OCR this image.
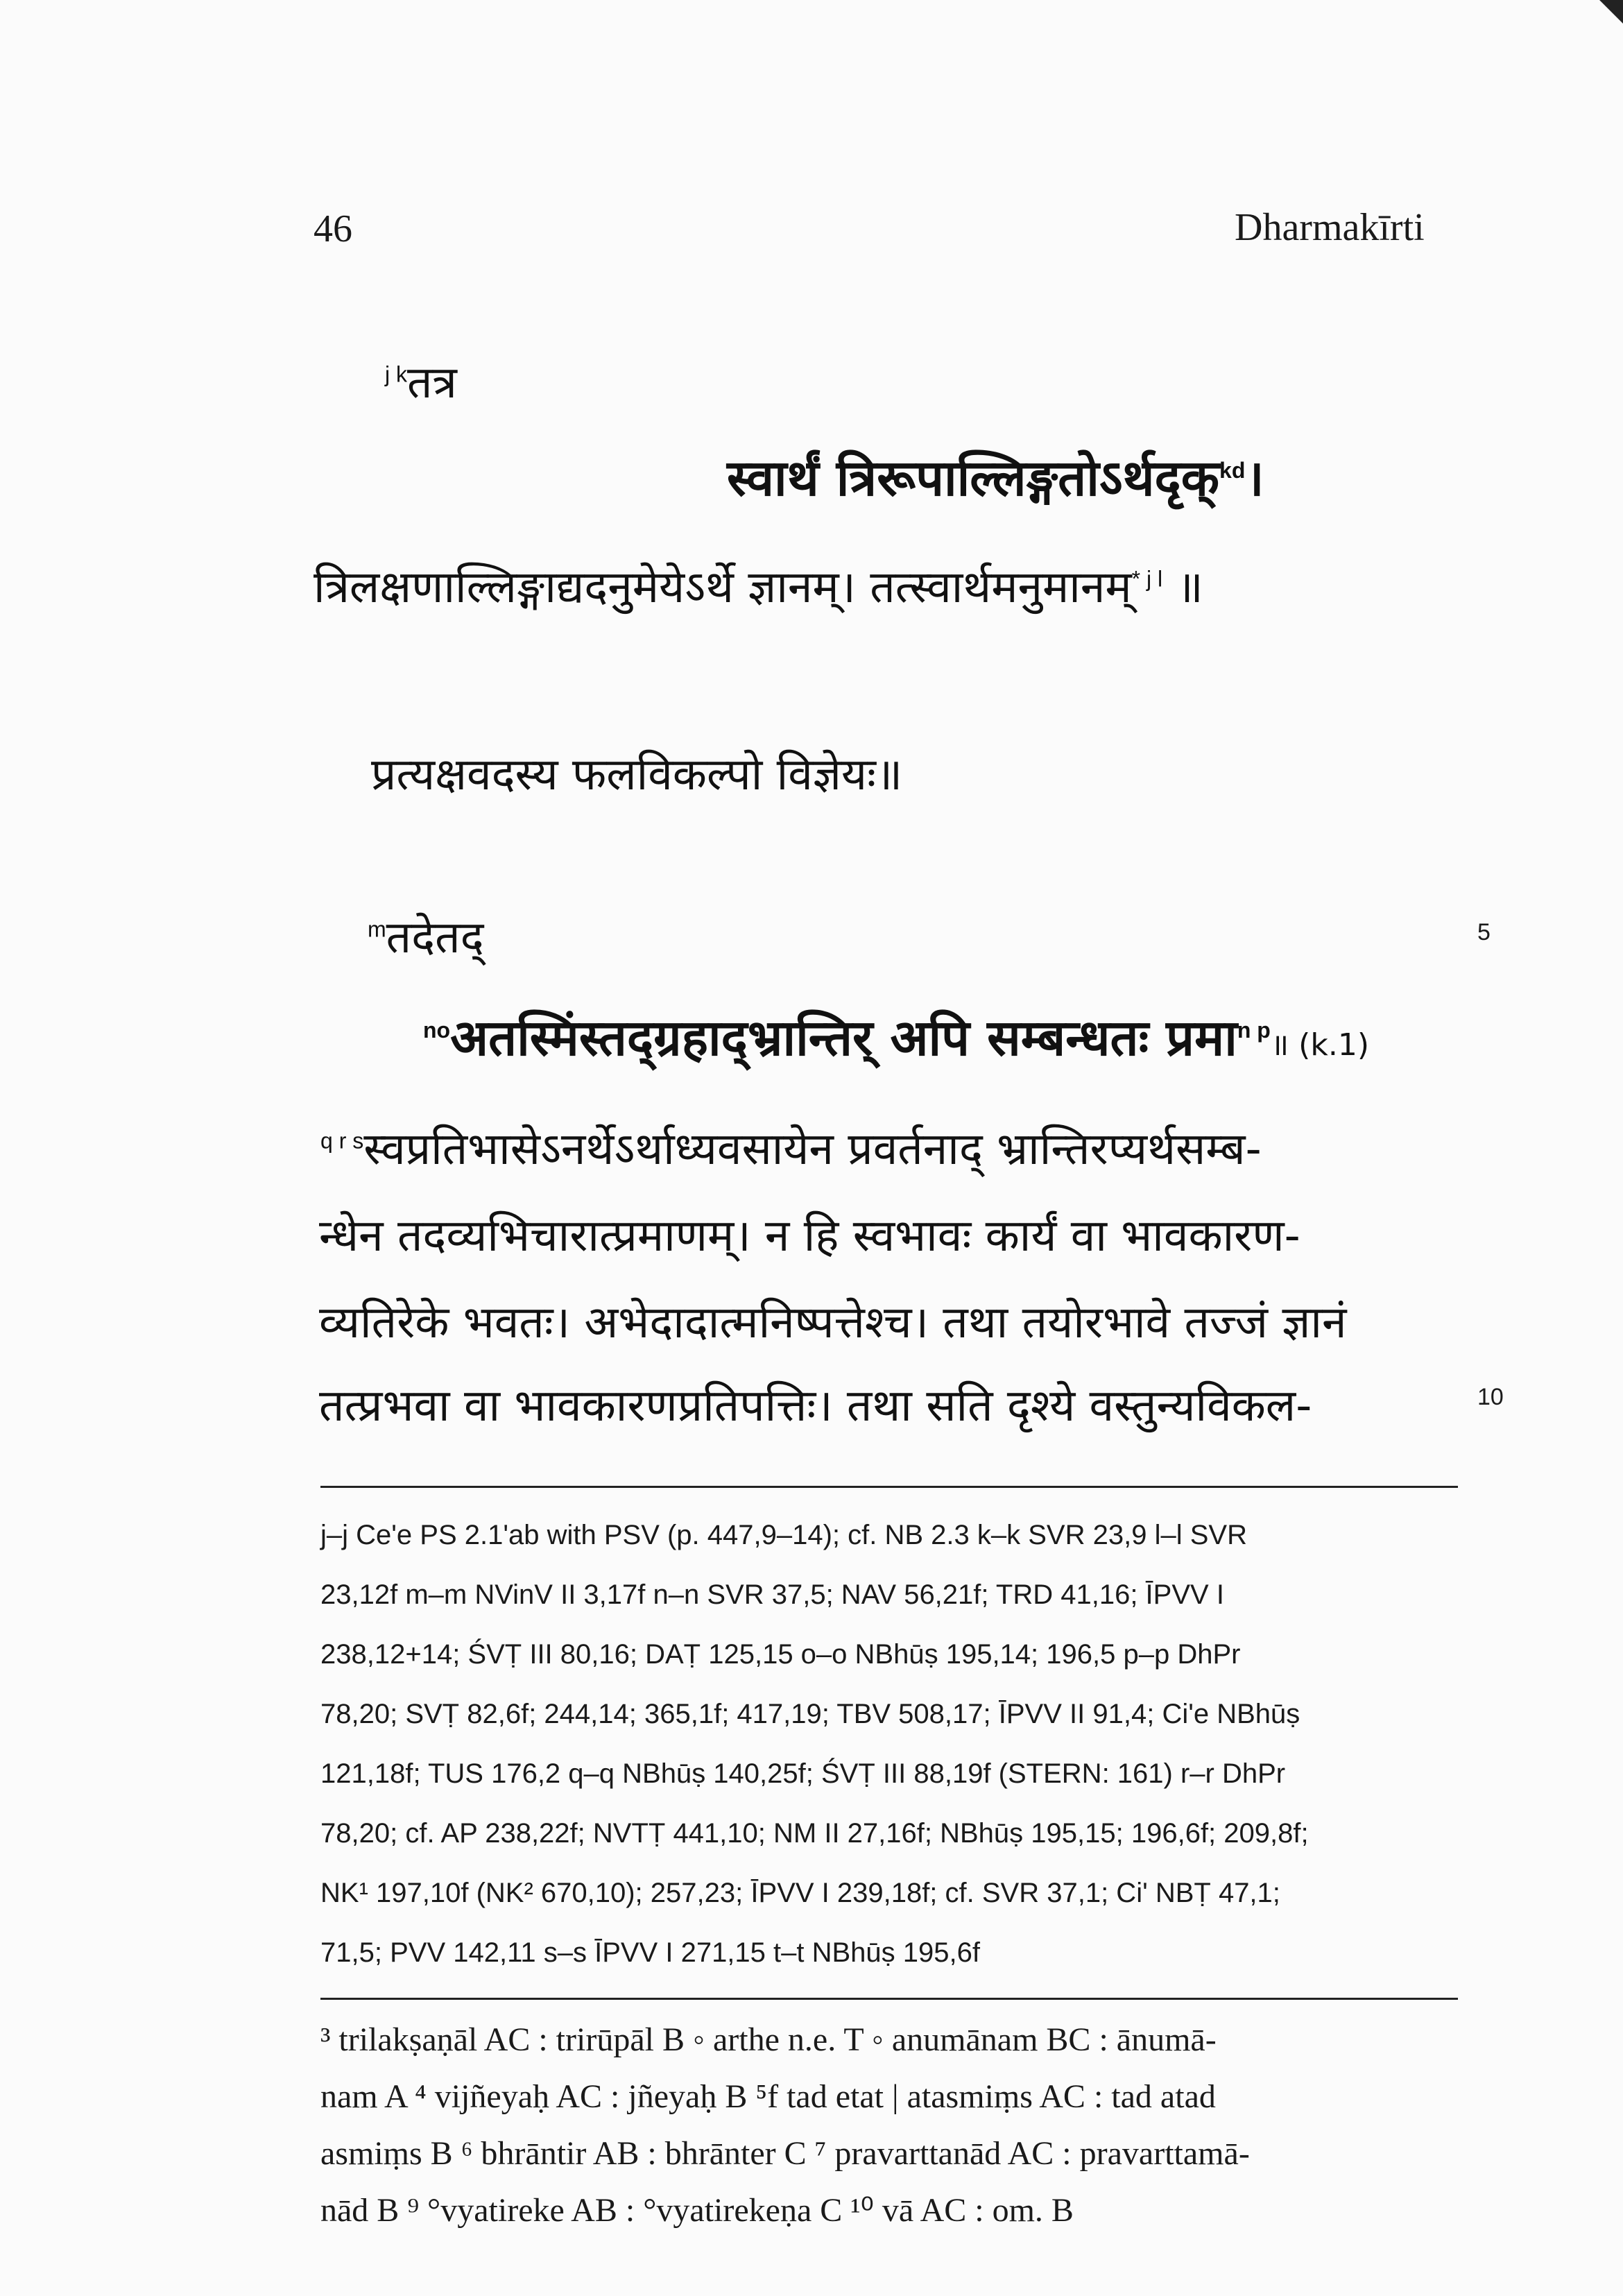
46	Dharmakīrti
$^{j k}$तत्र
स्वार्थं त्रिरूपाल्लिङ्गतोऽर्थदृक्$^{kd}$।
त्रिलक्षणाल्लिङ्गाद्यदनुमेयेऽर्थे ज्ञानम्। तत्स्वार्थमनुमानम्$^{* j l}$ ॥
प्रत्यक्षवदस्य फलविकल्पो विज्ञेयः॥
$^m$तदेतद्	5
$^{no}$अतस्मिंस्तद्ग्रहाद्भ्रान्तिर् अपि सम्बन्धतः प्रमा$^{n p}$॥ (k.1)
$^{q r s}$स्वप्रतिभासेऽनर्थेऽर्थाध्यवसायेन प्रवर्तनाद् भ्रान्तिरप्यर्थसम्ब-
न्धेन तदव्यभिचारात्प्रमाणम्। न हि स्वभावः कार्यं वा भावकारण-
व्यतिरेके भवतः। अभेदादात्मनिष्पत्तेश्च। तथा तयोरभावे तज्जं ज्ञानं
तत्प्रभवा वा भावकारणप्रतिपत्तिः। तथा सति दृश्ये वस्तुन्यविकल-	10
j–j Ce'e PS 2.1'ab with PSV (p. 447,9–14); cf. NB 2.3 k–k SVR 23,9 l–l SVR
23,12f m–m NVinV II 3,17f n–n SVR 37,5; NAV 56,21f; TRD 41,16; ĪPVV I
238,12+14; ŚVṬ III 80,16; DAṬ 125,15 o–o NBhūṣ 195,14; 196,5 p–p DhPr
78,20; SVṬ 82,6f; 244,14; 365,1f; 417,19; TBV 508,17; ĪPVV II 91,4; Ci'e NBhūṣ
121,18f; TUS 176,2 q–q NBhūṣ 140,25f; ŚVṬ III 88,19f (STERN: 161) r–r DhPr
78,20; cf. AP 238,22f; NVTṬ 441,10; NM II 27,16f; NBhūṣ 195,15; 196,6f; 209,8f;
NK¹ 197,10f (NK² 670,10); 257,23; ĪPVV I 239,18f; cf. SVR 37,1; Ci' NBṬ 47,1;
71,5; PVV 142,11 s–s ĪPVV I 271,15 t–t NBhūṣ 195,6f
³ trilakṣaṇāl AC : trirūpāl B ◦ arthe n.e. T ◦ anumānam BC : ānumā-
nam A ⁴ vijñeyaḥ AC : jñeyaḥ B ⁵f tad etat | atasmiṃs AC : tad atad
asmiṃs B ⁶ bhrāntir AB : bhrānter C ⁷ pravarttanād AC : pravarttamā-
nād B ⁹ °vyatireke AB : °vyatirekeṇa C ¹⁰ vā AC : om. B
